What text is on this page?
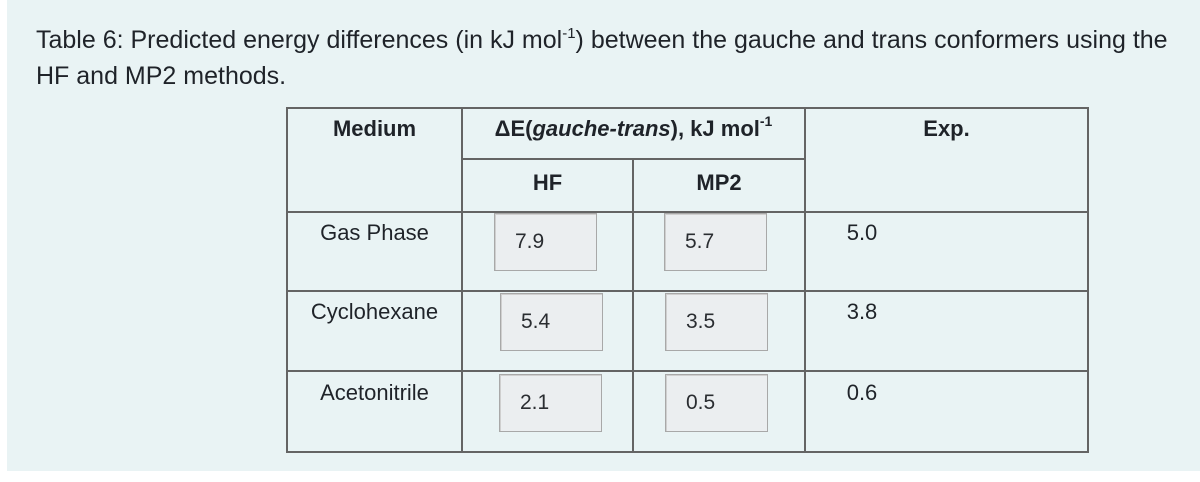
Table 6: Predicted energy differences (in kJ mol$^{-1}$) between the gauche and trans conformers using the HF and MP2 methods.
Medium	ΔE(gauche-trans), kJ mol$^{-1}$	Exp.
HF	MP2
Gas Phase	7.9	5.7	5.0
Cyclohexane	5.4	3.5	3.8
Acetonitrile	2.1	0.5	0.6
